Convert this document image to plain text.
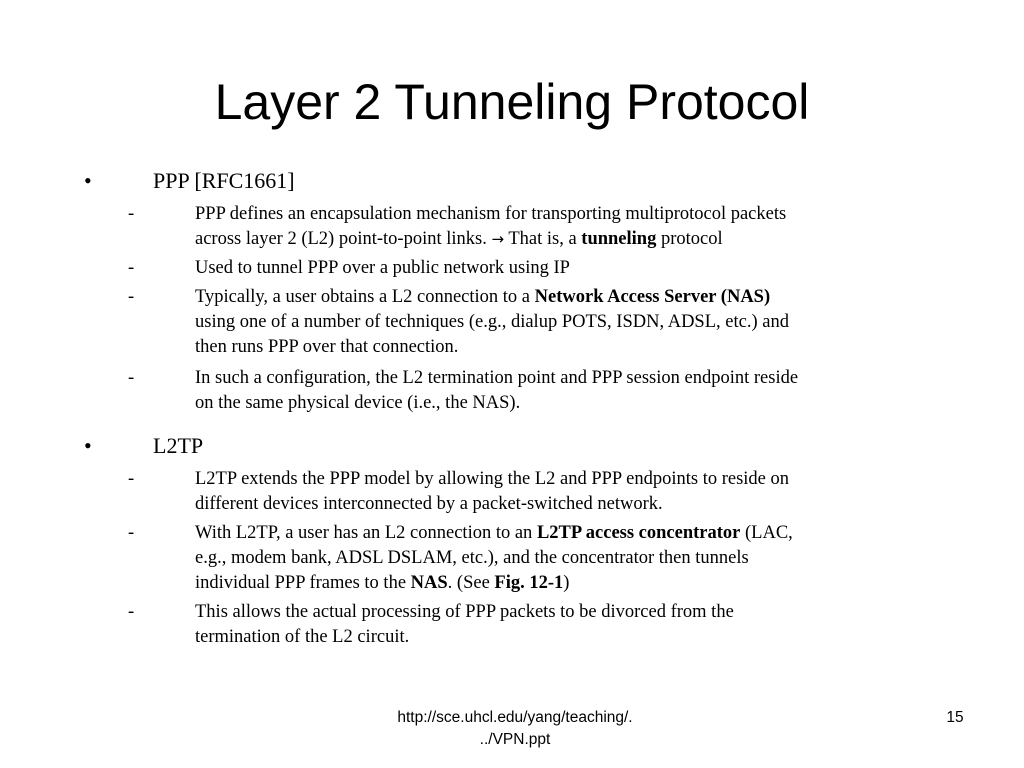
Layer 2 Tunneling Protocol
•	PPP [RFC1661]
-	PPP defines an encapsulation mechanism for transporting multiprotocol packets
across layer 2 (L2) point-to-point links. → That is, a tunneling protocol
-	Used to tunnel PPP over a public network using IP
-	Typically, a user obtains a L2 connection to a Network Access Server (NAS)
using one of a number of techniques (e.g., dialup POTS, ISDN, ADSL, etc.) and
then runs PPP over that connection.
-	In such a configuration, the L2 termination point and PPP session endpoint reside
on the same physical device (i.e., the NAS).
•	L2TP
-	L2TP extends the PPP model by allowing the L2 and PPP endpoints to reside on
different devices interconnected by a packet-switched network.
-	With L2TP, a user has an L2 connection to an L2TP access concentrator (LAC,
e.g., modem bank, ADSL DSLAM, etc.), and the concentrator then tunnels
individual PPP frames to the NAS. (See Fig. 12-1)
-	This allows the actual processing of PPP packets to be divorced from the
termination of the L2 circuit.
http://sce.uhcl.edu/yang/teaching/.
../VPN.ppt
15
